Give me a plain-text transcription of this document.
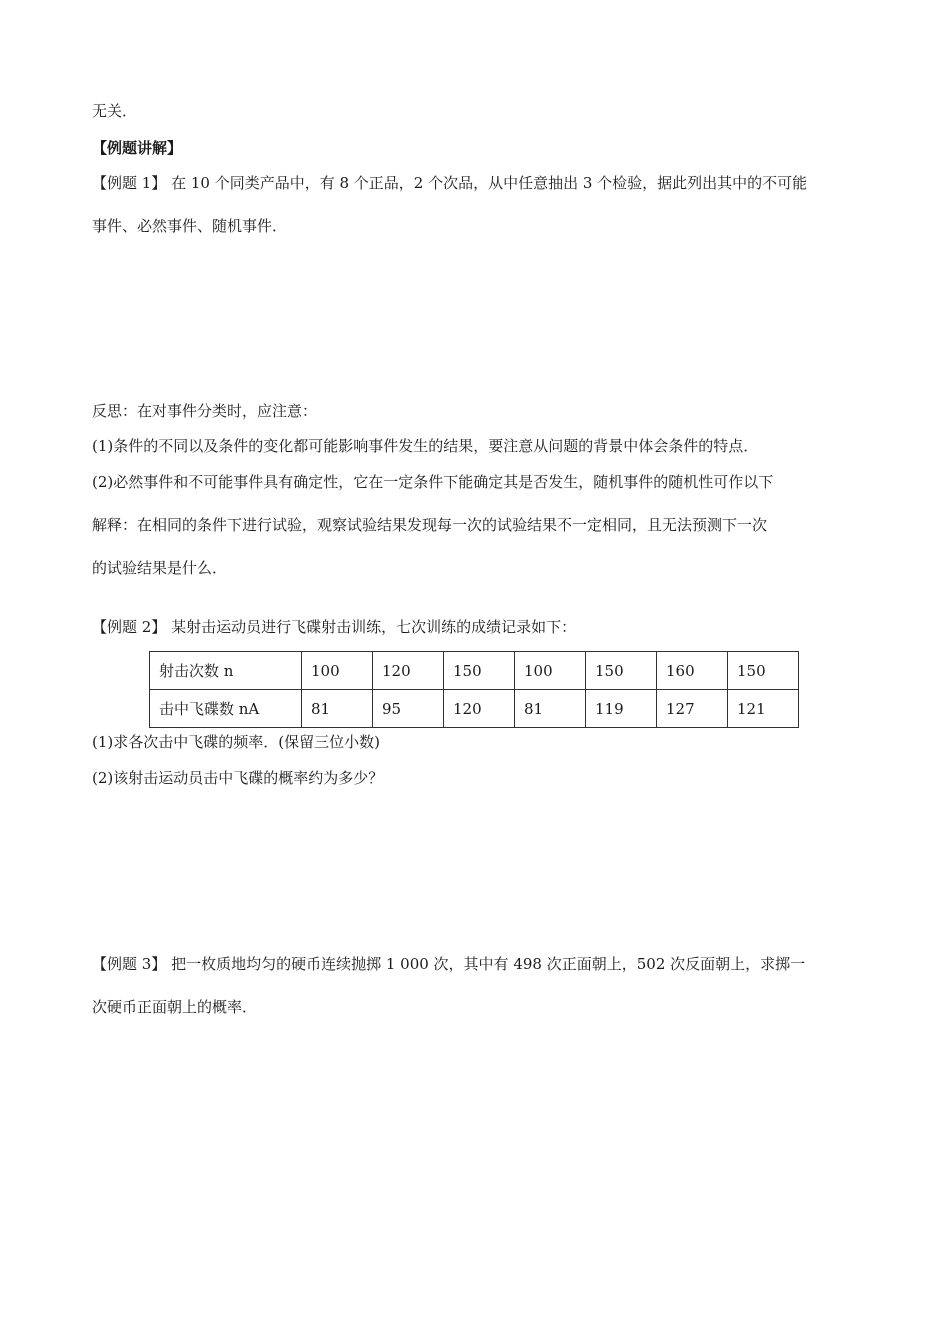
无关．

【例题讲解】

【例题 1】 在 10 个同类产品中，有 8 个正品，2 个次品，从中任意抽出 3 个检验，据此列出其中的不可能

事件、必然事件、随机事件．

反思：在对事件分类时，应注意：

(1)条件的不同以及条件的变化都可能影响事件发生的结果，要注意从问题的背景中体会条件的特点．

(2)必然事件和不可能事件具有确定性，它在一定条件下能确定其是否发生，随机事件的随机性可作以下

解释：在相同的条件下进行试验，观察试验结果发现每一次的试验结果不一定相同，且无法预测下一次

的试验结果是什么．

【例题 2】 某射击运动员进行飞碟射击训练，七次训练的成绩记录如下：

射击次数 n	100	120	150	100	150	160	150
击中飞碟数 nA	81	95	120	81	119	127	121

(1)求各次击中飞碟的频率．(保留三位小数)

(2)该射击运动员击中飞碟的概率约为多少？

【例题 3】 把一枚质地均匀的硬币连续抛掷 1 000 次，其中有 498 次正面朝上，502 次反面朝上，求掷一

次硬币正面朝上的概率．
